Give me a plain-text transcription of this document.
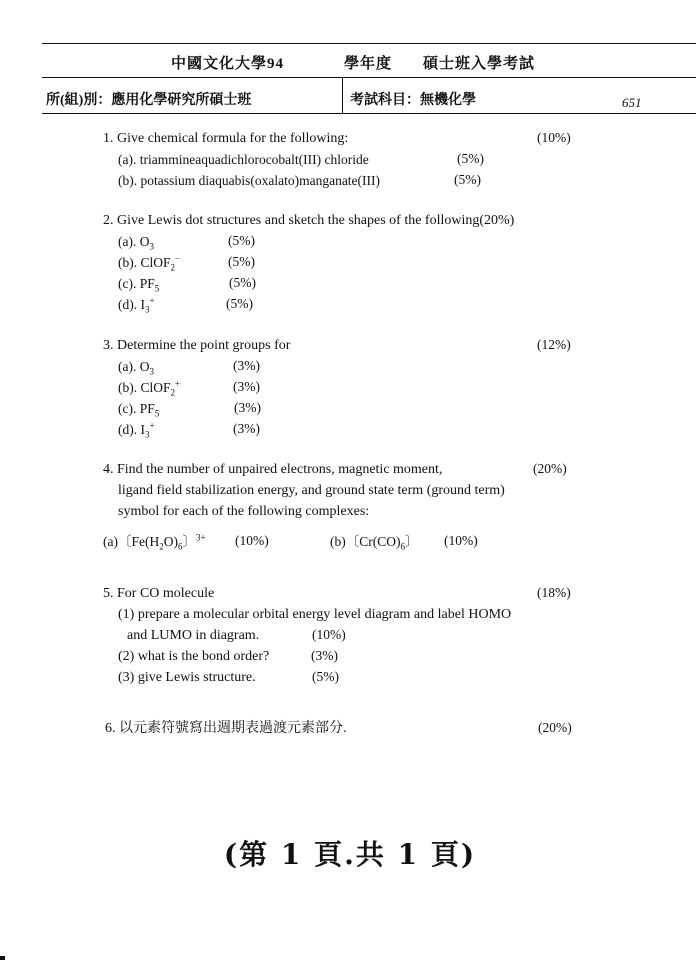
中國文化大學94	學年度 碩士班入學考試
所(組)別：應用化學研究所碩士班	考試科目：無機化學	651
1. Give chemical formula for the following:	(10%)
(a). triamminеaquadichlorocobalt(III) chloride	(5%)
(b). potassium diaquabis(oxalato)manganate(III)	(5%)
2. Give Lewis dot structures and sketch the shapes of the following(20%)
(a). $O_3$	(5%)
(b). ClOF$_2$−	(5%)
(c). $PF_5$	(5%)
(d). $I_3^+$	(5%)
3. Determine the point groups for	(12%)
(a). $O_3$	(3%)
(b). ClOF$_2$+	(3%)
(c). $PF_5$	(3%)
(d). $I_3^+$	(3%)
4. Find the number of unpaired electrons, magnetic moment,	(20%)
ligand field stabilization energy, and ground state term (ground term)
symbol for each of the following complexes:
(a)〔$Fe(H_2O)_6$〕$^{3+}$ (10%)	(b)〔$Cr(CO)_6$〕 (10%)
5. For CO molecule	(18%)
(1) prepare a molecular orbital energy level diagram and label HOMO
and LUMO in diagram.	(10%)
(2) what is the bond order?	(3%)
(3) give Lewis structure.	(5%)
6. 以元素符號寫出週期表過渡元素部分.	(20%)
(第 1 頁.共 1 頁)
